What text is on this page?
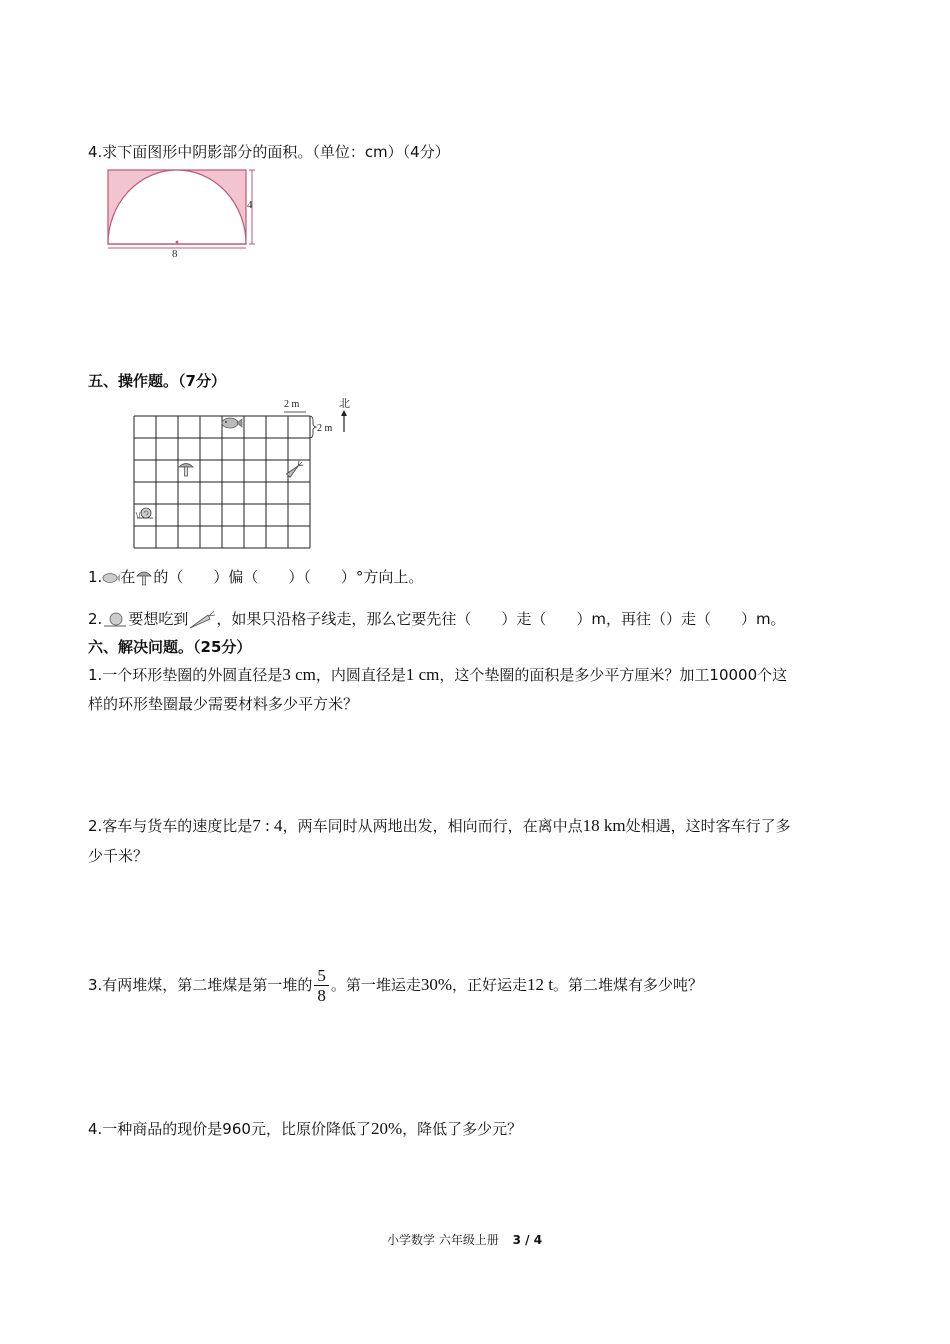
4.求下面图形中阴影部分的面积。（单位：cm）（4分）
4
8
五、操作题。（7分）
2 m
2 m
北
1. 在 的（　　）偏（　　）（　　）°方向上。
2. 要想吃到 ，如果只沿格子线走，那么它要先往（　　）走（　　）m，再往（）走（　　）m。
六、解决问题。（25分）
1.一个环形垫圈的外圆直径是3 cm，内圆直径是1 cm，这个垫圈的面积是多少平方厘米？加工10000个这
样的环形垫圈最少需要材料多少平方米？
2.客车与货车的速度比是7 : 4，两车同时从两地出发，相向而行，在离中点18 km处相遇，这时客车行了多
少千米？
3.有两堆煤，第二堆煤是第一堆的 $\frac{5}{8}$ 。第一堆运走30%，正好运走12 t。第二堆煤有多少吨？
4.一种商品的现价是960元，比原价降低了20%，降低了多少元？
小学数学 六年级上册 3 / 4
